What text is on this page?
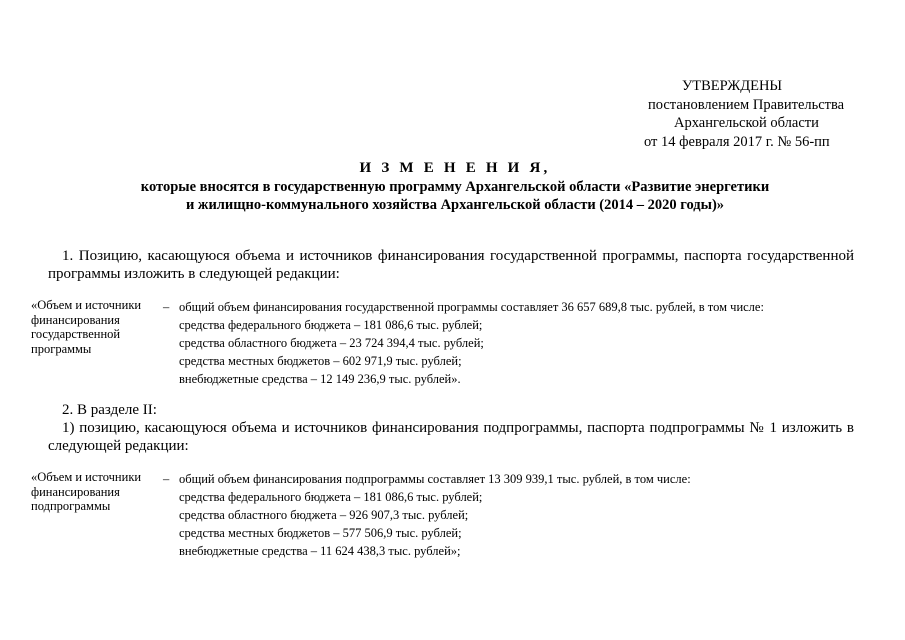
УТВЕРЖДЕНЫ
постановлением Правительства
Архангельской области
от 14 февраля 2017 г. № 56-пп
И З М Е Н Е Н И Я,
которые вносятся в государственную программу Архангельской области «Развитие энергетики
и жилищно-коммунального хозяйства Архангельской области (2014 – 2020 годы)»
1. Позицию, касающуюся объема и источников финансирования государственной программы, паспорта государственной программы изложить в следующей редакции:
«Объем и источники финансирования государственной программы
– общий объем финансирования государственной программы составляет 36 657 689,8 тыс. рублей, в том числе:
средства федерального бюджета – 181 086,6 тыс. рублей;
средства областного бюджета – 23 724 394,4 тыс. рублей;
средства местных бюджетов – 602 971,9 тыс. рублей;
внебюджетные средства – 12 149 236,9 тыс. рублей».
2. В разделе II:
1) позицию, касающуюся объема и источников финансирования подпрограммы, паспорта подпрограммы № 1 изложить в следующей редакции:
«Объем и источники финансирования подпрограммы
– общий объем финансирования подпрограммы составляет 13 309 939,1 тыс. рублей, в том числе:
средства федерального бюджета – 181 086,6 тыс. рублей;
средства областного бюджета – 926 907,3 тыс. рублей;
средства местных бюджетов – 577 506,9 тыс. рублей;
внебюджетные средства – 11 624 438,3 тыс. рублей»;
